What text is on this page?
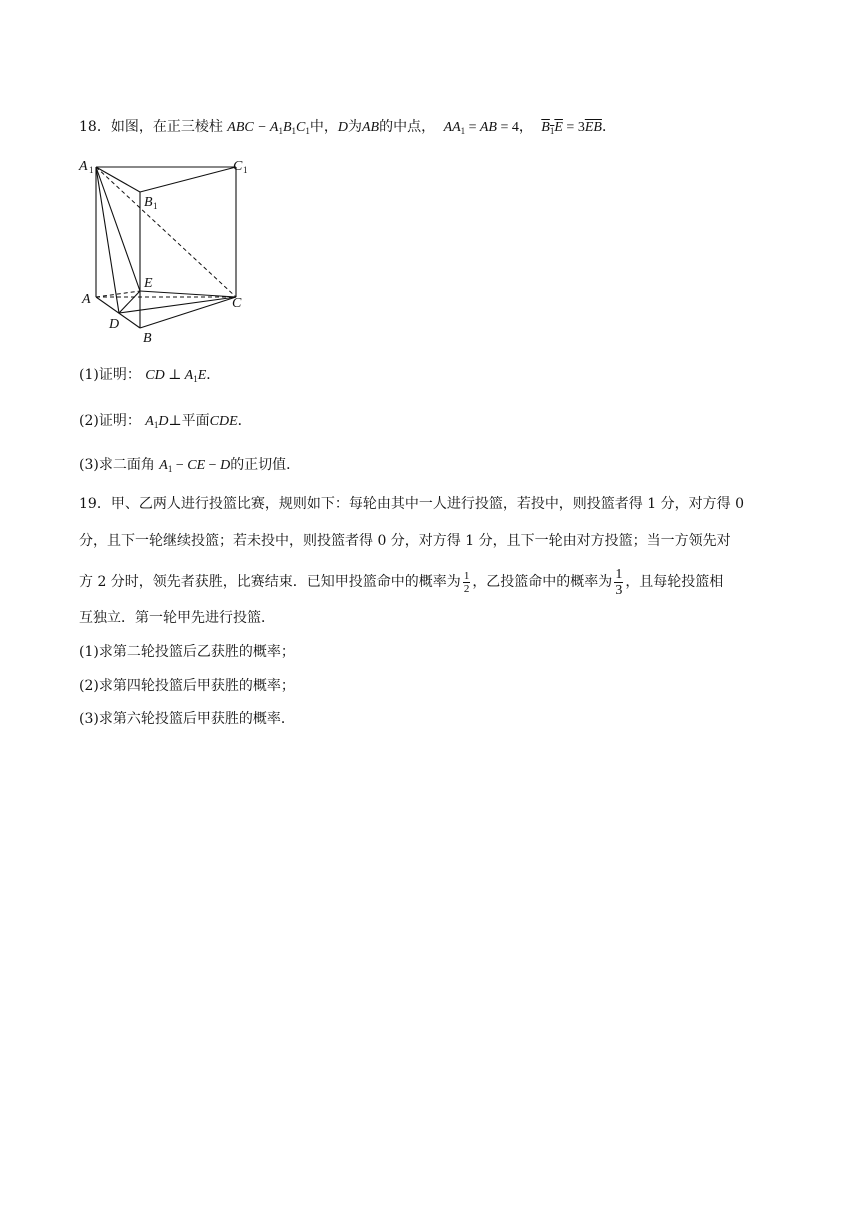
18．如图，在正三棱柱 ABC − $A_1B_1C_1$中，D为AB的中点， $AA_1$ = AB = 4， $B_1E = 3\overline{EB}$．
A 1	C 1
B 1
E
A	C
D
B
(1)证明： CD ⊥ $A_1E$．
(2)证明： $A_1D\perp$平面CDE．
(3)求二面角 $A_1$ − CE − D的正切值．
19．甲、乙两人进行投篮比赛，规则如下：每轮由其中一人进行投篮，若投中，则投篮者得 1 分，对方得 0
分，且下一轮继续投篮；若未投中，则投篮者得 0 分，对方得 1 分，且下一轮由对方投篮；当一方领先对
方 2 分时，领先者获胜，比赛结束．已知甲投篮命中的概率为 $\frac{1}{2}$ ，乙投篮命中的概率为 $\frac{1}{3}$ ，且每轮投篮相
互独立．第一轮甲先进行投篮．
(1)求第二轮投篮后乙获胜的概率；
(2)求第四轮投篮后甲获胜的概率；
(3)求第六轮投篮后甲获胜的概率．
